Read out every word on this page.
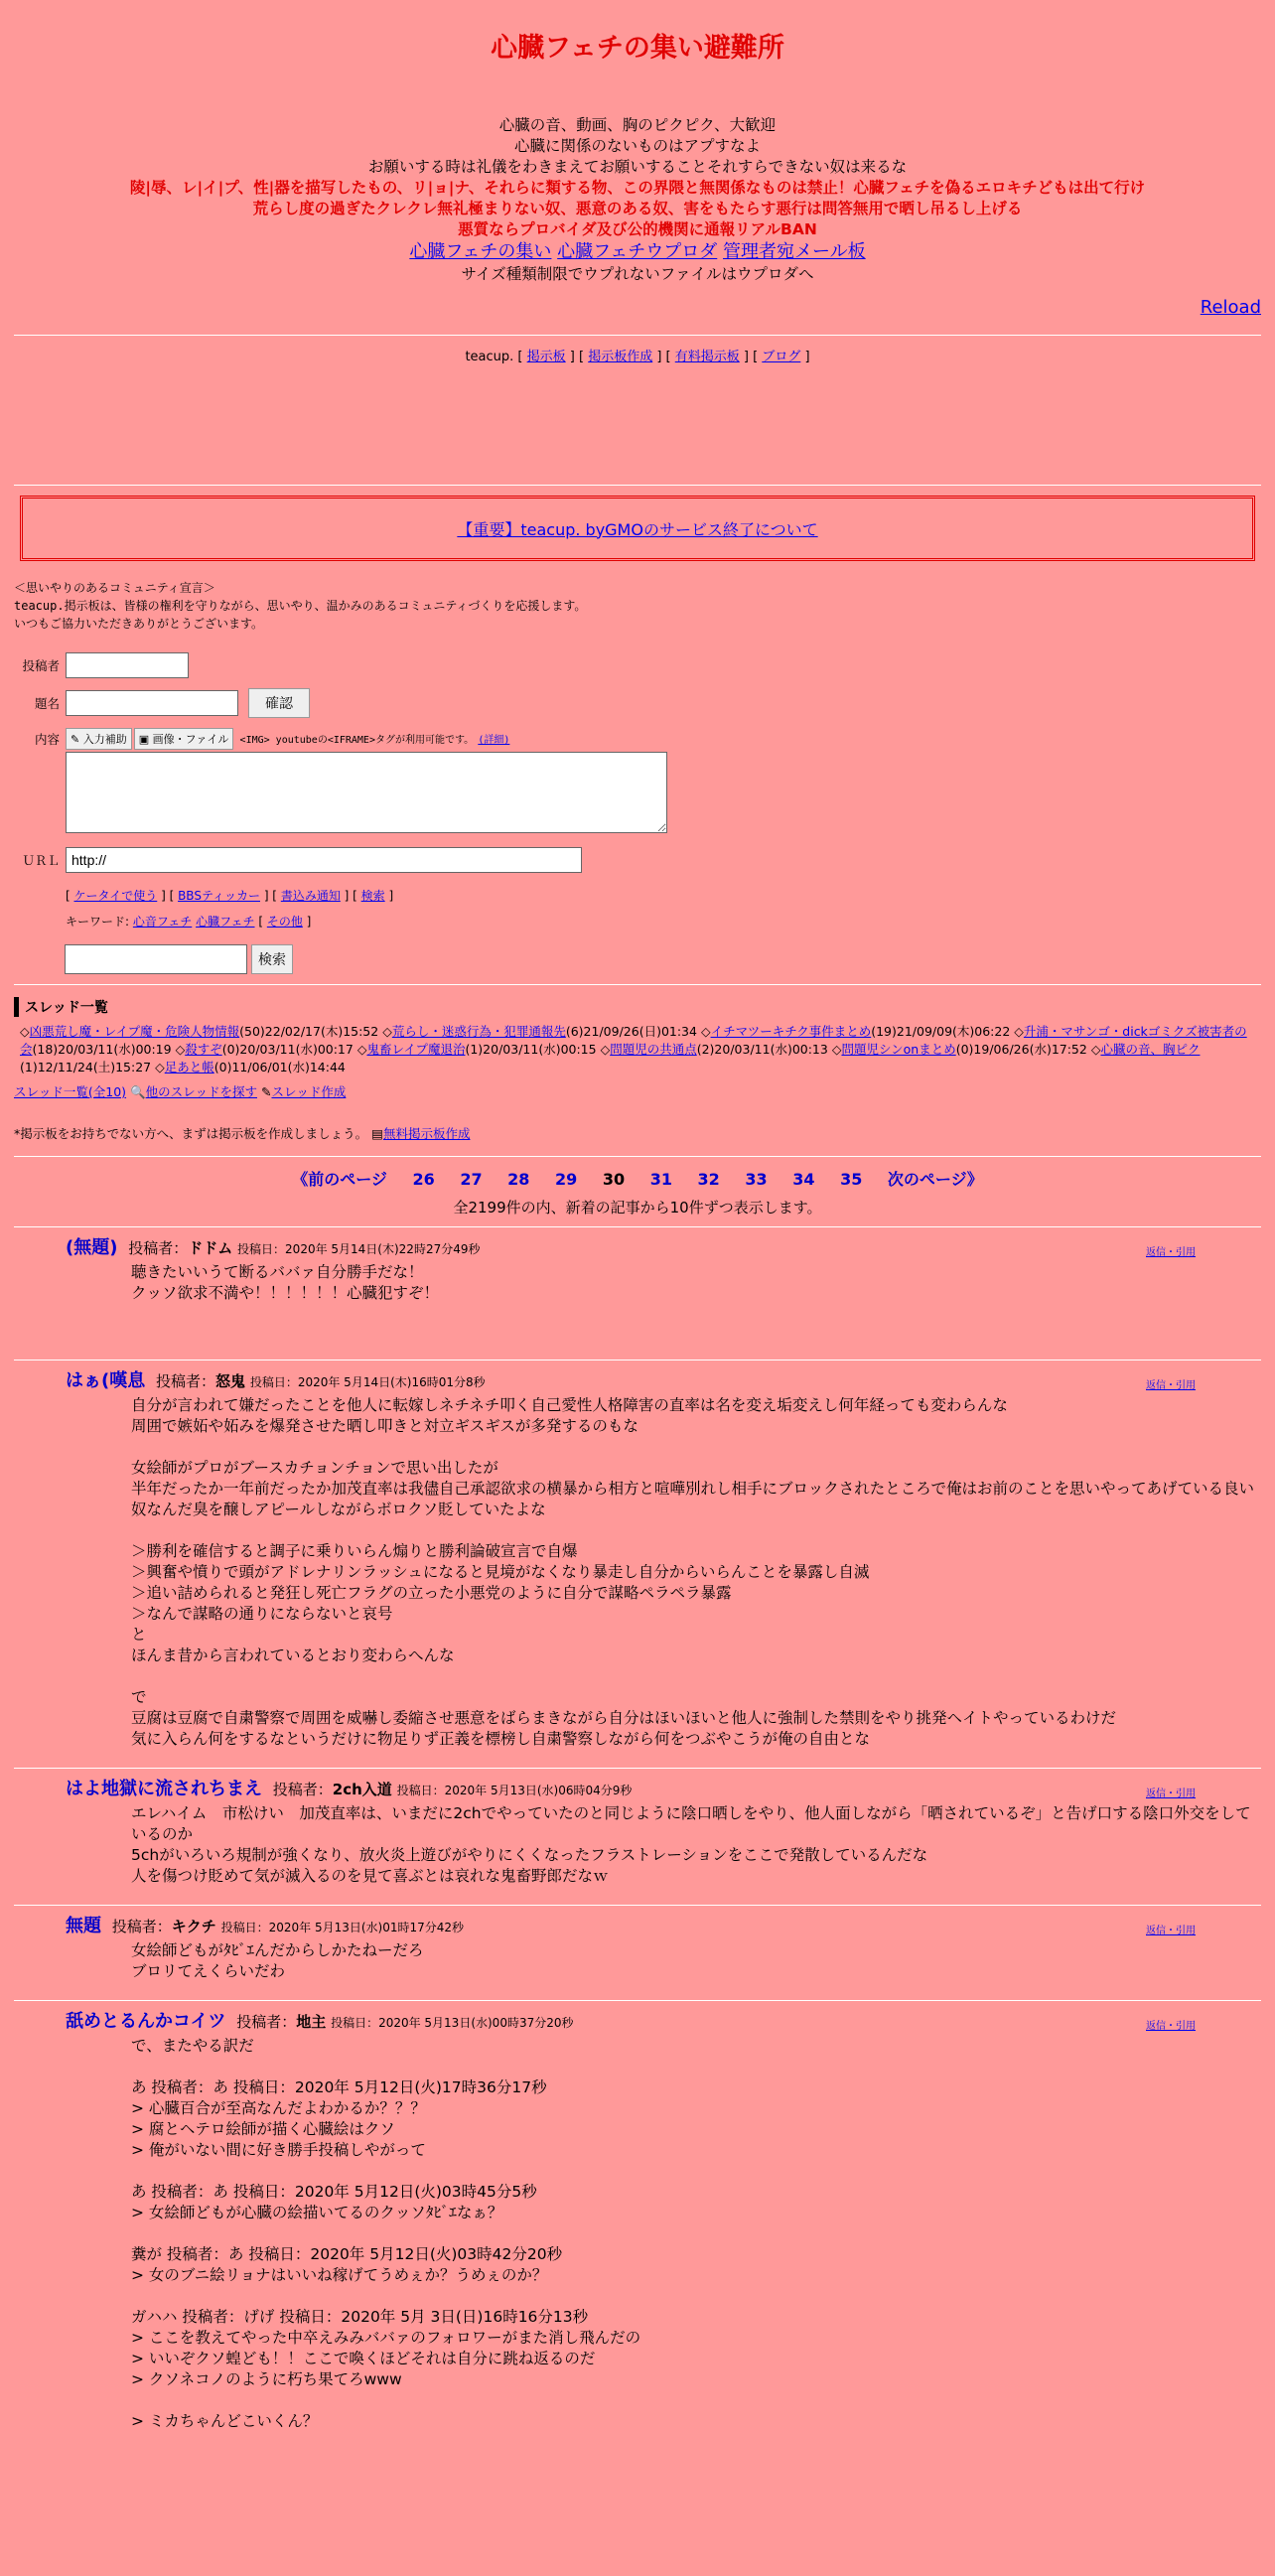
心臓フェチの集い避難所
心臓の音、動画、胸のピクピク、大歓迎
心臓に関係のないものはアプすなよ
お願いする時は礼儀をわきまえてお願いすることそれすらできない奴は来るな
陵|辱、レ|イ|プ、性|器を描写したもの、リ|ョ|ナ、それらに類する物、この界隈と無関係なものは禁止！心臓フェチを偽るエロキチどもは出て行け
荒らし度の過ぎたクレクレ無礼極まりない奴、悪意のある奴、害をもたらす悪行は問答無用で晒し吊るし上げる
悪質ならプロバイダ及び公的機関に通報リアルBAN
心臓フェチの集い 心臓フェチウプロダ 管理者宛メール板
サイズ種類制限でウプれないファイルはウプロダへ
Reload
teacup. [ 掲示板 ] [ 掲示板作成 ] [ 有料掲示板 ] [ ブログ ]
【重要】teacup. byGMOのサービス終了について
＜思いやりのあるコミュニティ宣言＞
teacup.掲示板は、皆様の権利を守りながら、思いやり、温かみのあるコミュニティづくりを応援します。
いつもご協力いただきありがとうございます。
投稿者
題名	確認
内容	✎ 入力補助 ▣ 画像・ファイル <IMG> youtubeの<IFRAME>タグが利用可能です。 (詳細)
ＵＲＬ
http://
[ ケータイで使う ] [ BBSティッカー ] [ 書込み通知 ] [ 検索 ]
キーワード: 心音フェチ 心臓フェチ [ その他 ]
検索
スレッド一覧
◇凶悪荒し魔・レイプ魔・危険人物情報(50)22/02/17(木)15:52 ◇荒らし・迷惑行為・犯罪通報先(6)21/09/26(日)01:34 ◇イチマツーキチク事件まとめ(19)21/09/09(木)06:22 ◇升浦・マサンゴ・dickゴミクズ被害者の会(18)20/03/11(水)00:19 ◇殺すぞ(0)20/03/11(水)00:17 ◇鬼畜レイプ魔退治(1)20/03/11(水)00:15 ◇問題児の共通点(2)20/03/11(水)00:13 ◇問題児シンonまとめ(0)19/06/26(水)17:52 ◇心臓の音、胸ピク(1)12/11/24(土)15:27 ◇足あと帳(0)11/06/01(水)14:44
スレッド一覧(全10) 🔍他のスレッドを探す ✎スレッド作成
*掲示板をお持ちでない方へ、まずは掲示板を作成しましょう。 ▤無料掲示板作成
《前のページ 26 27 28 29 30 31 32 33 34 35 次のページ》
全2199件の内、新着の記事から10件ずつ表示します。
(無題) 投稿者：ドドム 投稿日：2020年 5月14日(木)22時27分49秒	返信・引用
聴きたいいうて断るババァ自分勝手だな！
クッソ欲求不満や！！！！！！心臓犯すぞ！
はぁ(嘆息 投稿者：怒鬼 投稿日：2020年 5月14日(木)16時01分8秒	返信・引用
自分が言われて嫌だったことを他人に転嫁しネチネチ叩く自己愛性人格障害の直率は名を変え垢変えし何年経っても変わらんな
周囲で嫉妬や妬みを爆発させた晒し叩きと対立ギスギスが多発するのもな

女絵師がプロがブースカチョンチョンで思い出したが
半年だったか一年前だったか加茂直率は我儘自己承認欲求の横暴から相方と喧嘩別れし相手にブロックされたところで俺はお前のことを思いやってあげている良い奴なんだ臭を醸しアピールしながらボロクソ貶していたよな

＞勝利を確信すると調子に乗りいらん煽りと勝利論破宣言で自爆
＞興奮や憤りで頭がアドレナリンラッシュになると見境がなくなり暴走し自分からいらんことを暴露し自滅
＞追い詰められると発狂し死亡フラグの立った小悪党のように自分で謀略ペラペラ暴露
＞なんで謀略の通りにならないと哀号
と
ほんま昔から言われているとおり変わらへんな

で
豆腐は豆腐で自粛警察で周囲を威嚇し委縮させ悪意をばらまきながら自分はほいほいと他人に強制した禁則をやり挑発ヘイトやっているわけだ
気に入らん何をするなというだけに物足りず正義を標榜し自粛警察しながら何をつぶやこうが俺の自由とな
はよ地獄に流されちまえ 投稿者：2ch入道 投稿日：2020年 5月13日(水)06時04分9秒	返信・引用
エレハイム　市松けい　加茂直率は、いまだに2chでやっていたのと同じように陰口晒しをやり、他人面しながら「晒されているぞ」と告げ口する陰口外交をしているのか
5chがいろいろ規制が強くなり、放火炎上遊びがやりにくくなったフラストレーションをここで発散しているんだな
人を傷つけ貶めて気が滅入るのを見て喜ぶとは哀れな鬼畜野郎だなｗ
無題 投稿者：キクチ 投稿日：2020年 5月13日(水)01時17分42秒	返信・引用
女絵師どもがﾀﾋﾞｴんだからしかたねーだろ
ブロリてえくらいだわ
舐めとるんかコイツ 投稿者：地主 投稿日：2020年 5月13日(水)00時37分20秒	返信・引用
で、またやる訳だ

あ 投稿者：あ 投稿日：2020年 5月12日(火)17時36分17秒
> 心臓百合が至高なんだよわかるか？？？
> 腐とヘテロ絵師が描く心臓絵はクソ
> 俺がいない間に好き勝手投稿しやがって

あ 投稿者：あ 投稿日：2020年 5月12日(火)03時45分5秒
> 女絵師どもが心臓の絵描いてるのクッソﾀﾋﾞｴなぁ？

糞が 投稿者：あ 投稿日：2020年 5月12日(火)03時42分20秒
> 女のブニ絵リョナはいいね稼げてうめぇか？うめぇのか？

ガハハ 投稿者：げげ 投稿日：2020年 5月 3日(日)16時16分13秒
> ここを教えてやった中卒えみみババァのフォロワーがまた消し飛んだの
> いいぞクソ蝗ども！！ここで喚くほどそれは自分に跳ね返るのだ
> クソネコノのように朽ち果てろwww

> ミカちゃんどこいくん？
